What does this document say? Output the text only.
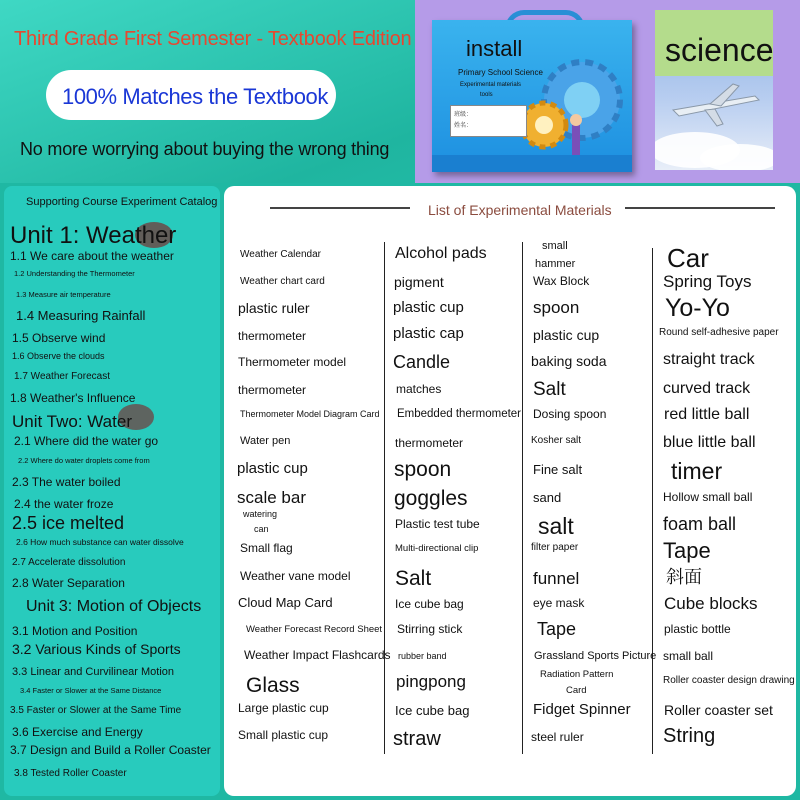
Third Grade First Semester - Textbook Edition
100% Matches the Textbook
No more worrying about buying the wrong thing
install
Primary School Science
Experimental materials
tools
班级：
姓名：
science
Supporting Course Experiment Catalog
Unit 1: Weather
1.1 We care about the weather
1.2 Understanding the Thermometer
1.3 Measure air temperature
1.4 Measuring Rainfall
1.5 Observe wind
1.6 Observe the clouds
1.7 Weather Forecast
1.8 Weather's Influence
Unit Two: Water
2.1 Where did the water go
2.2 Where do water droplets come from
2.3 The water boiled
2.4 the water froze
2.5 ice melted
2.6 How much substance can water dissolve
2.7 Accelerate dissolution
2.8 Water Separation
Unit 3: Motion of Objects
3.1 Motion and Position
3.2 Various Kinds of Sports
3.3 Linear and Curvilinear Motion
3.4 Faster or Slower at the Same Distance
3.5 Faster or Slower at the Same Time
3.6 Exercise and Energy
3.7 Design and Build a Roller Coaster
3.8 Tested Roller Coaster
List of Experimental Materials
Weather Calendar
Weather chart card
plastic ruler
thermometer
Thermometer model
thermometer
Thermometer Model Diagram Card
Water pen
plastic cup
scale bar
watering
can
Small flag
Weather vane model
Cloud Map Card
Weather Forecast Record Sheet
Weather Impact Flashcards
Glass
Large plastic cup
Small plastic cup
Alcohol pads
pigment
plastic cup
plastic cap
Candle
matches
Embedded thermometer
thermometer
spoon
goggles
Plastic test tube
Multi-directional clip
Salt
Ice cube bag
Stirring stick
rubber band
pingpong
Ice cube bag
straw
small
hammer
Wax Block
spoon
plastic cup
baking soda
Salt
Dosing spoon
Kosher salt
Fine salt
sand
salt
filter paper
funnel
eye mask
Tape
Grassland Sports Picture
Radiation Pattern
Card
Fidget Spinner
steel ruler
Car
Spring Toys
Yo-Yo
Round self-adhesive paper
straight track
curved track
red little ball
blue little ball
timer
Hollow small ball
foam ball
Tape
斜面
Cube blocks
plastic bottle
small ball
Roller coaster design drawing
Roller coaster set
String
